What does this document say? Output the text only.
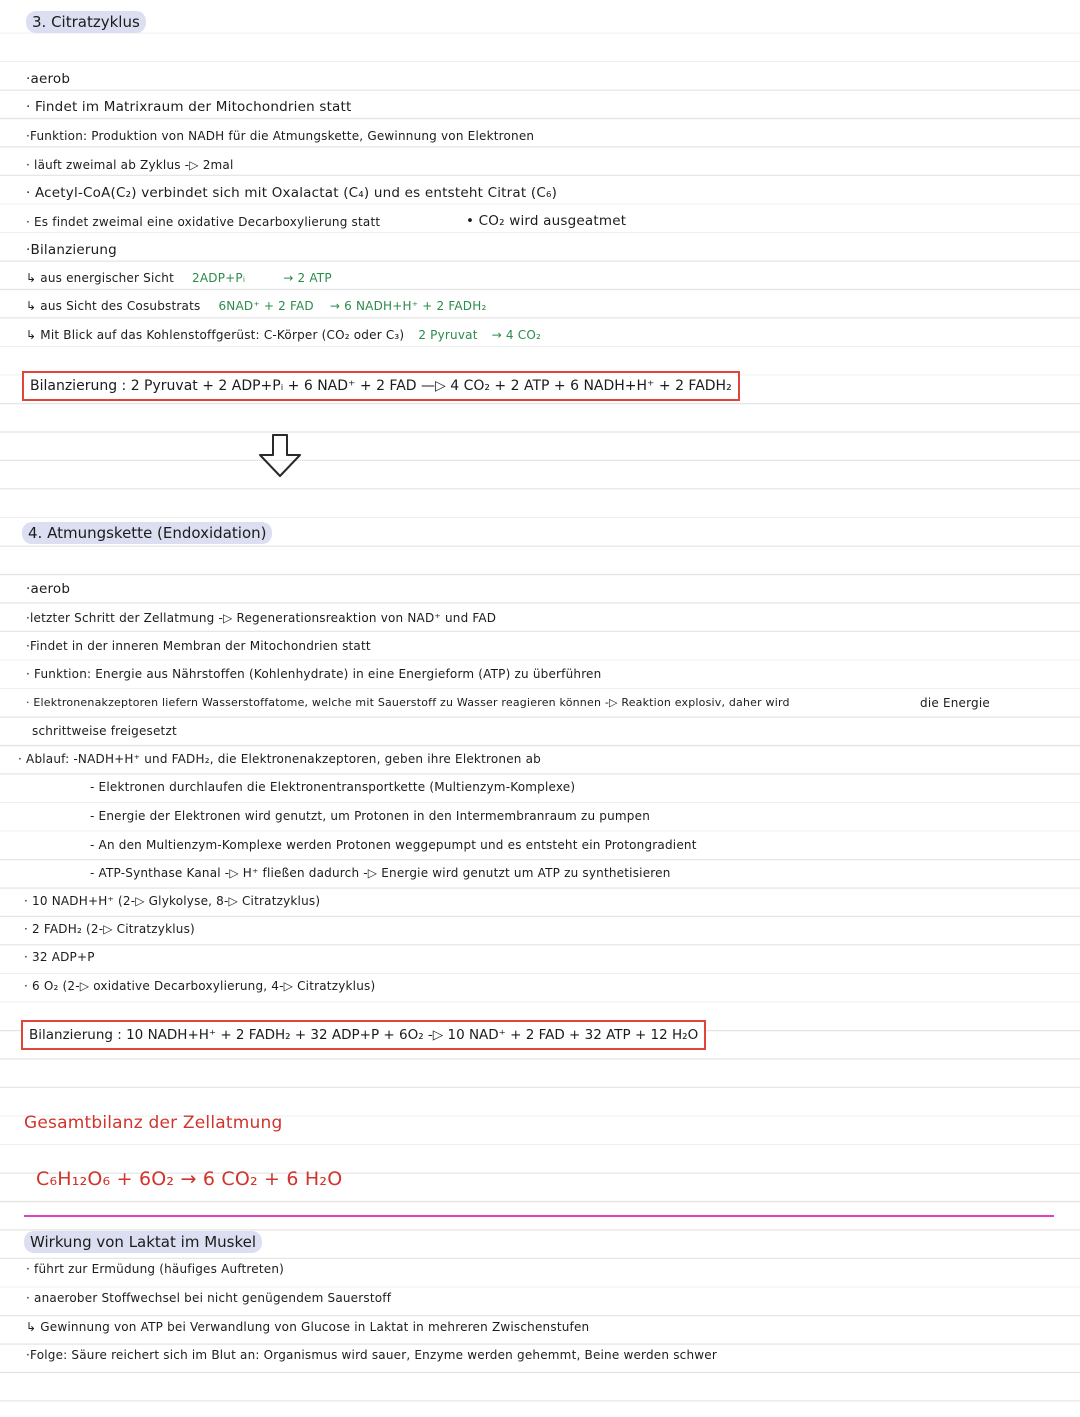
3. Citratzyklus
·aerob
· Findet im Matrixraum der Mitochondrien statt
·Funktion: Produktion von NADH für die Atmungskette, Gewinnung von Elektronen
· läuft zweimal ab Zyklus -▷ 2mal
· Acetyl-CoA(C₂) verbindet sich mit Oxalactat (C₄) und es entsteht Citrat (C₆)
· Es findet zweimal eine oxidative Decarboxylierung statt	• CO₂ wird ausgeatmet
·Bilanzierung
↳ aus energischer Sicht 2ADP+Pᵢ	→ 2 ATP
↳ aus Sicht des Cosubstrats 6NAD⁺ + 2 FAD → 6 NADH+H⁺ + 2 FADH₂
↳ Mit Blick auf das Kohlenstoffgerüst: C-Körper (CO₂ oder C₃) 2 Pyruvat → 4 CO₂
Bilanzierung : 2 Pyruvat + 2 ADP+Pᵢ + 6 NAD⁺ + 2 FAD —▷ 4 CO₂ + 2 ATP + 6 NADH+H⁺ + 2 FADH₂
4. Atmungskette (Endoxidation)
·aerob
·letzter Schritt der Zellatmung -▷ Regenerationsreaktion von NAD⁺ und FAD
·Findet in der inneren Membran der Mitochondrien statt
· Funktion: Energie aus Nährstoffen (Kohlenhydrate) in eine Energieform (ATP) zu überführen
· Elektronenakzeptoren liefern Wasserstoffatome, welche mit Sauerstoff zu Wasser reagieren können -▷ Reaktion explosiv, daher wird	die Energie
schrittweise freigesetzt
· Ablauf: -NADH+H⁺ und FADH₂, die Elektronenakzeptoren, geben ihre Elektronen ab
- Elektronen durchlaufen die Elektronentransportkette (Multienzym-Komplexe)
- Energie der Elektronen wird genutzt, um Protonen in den Intermembranraum zu pumpen
- An den Multienzym-Komplexe werden Protonen weggepumpt und es entsteht ein Protongradient
- ATP-Synthase Kanal -▷ H⁺ fließen dadurch -▷ Energie wird genutzt um ATP zu synthetisieren
· 10 NADH+H⁺ (2-▷ Glykolyse, 8-▷ Citratzyklus)
· 2 FADH₂ (2-▷ Citratzyklus)
· 32 ADP+P
· 6 O₂ (2-▷ oxidative Decarboxylierung, 4-▷ Citratzyklus)
Bilanzierung : 10 NADH+H⁺ + 2 FADH₂ + 32 ADP+P + 6O₂ -▷ 10 NAD⁺ + 2 FAD + 32 ATP + 12 H₂O
Gesamtbilanz der Zellatmung
C₆H₁₂O₆ + 6O₂ → 6 CO₂ + 6 H₂O
Wirkung von Laktat im Muskel
· führt zur Ermüdung (häufiges Auftreten)
· anaerober Stoffwechsel bei nicht genügendem Sauerstoff
↳ Gewinnung von ATP bei Verwandlung von Glucose in Laktat in mehreren Zwischenstufen
·Folge: Säure reichert sich im Blut an: Organismus wird sauer, Enzyme werden gehemmt, Beine werden schwer
